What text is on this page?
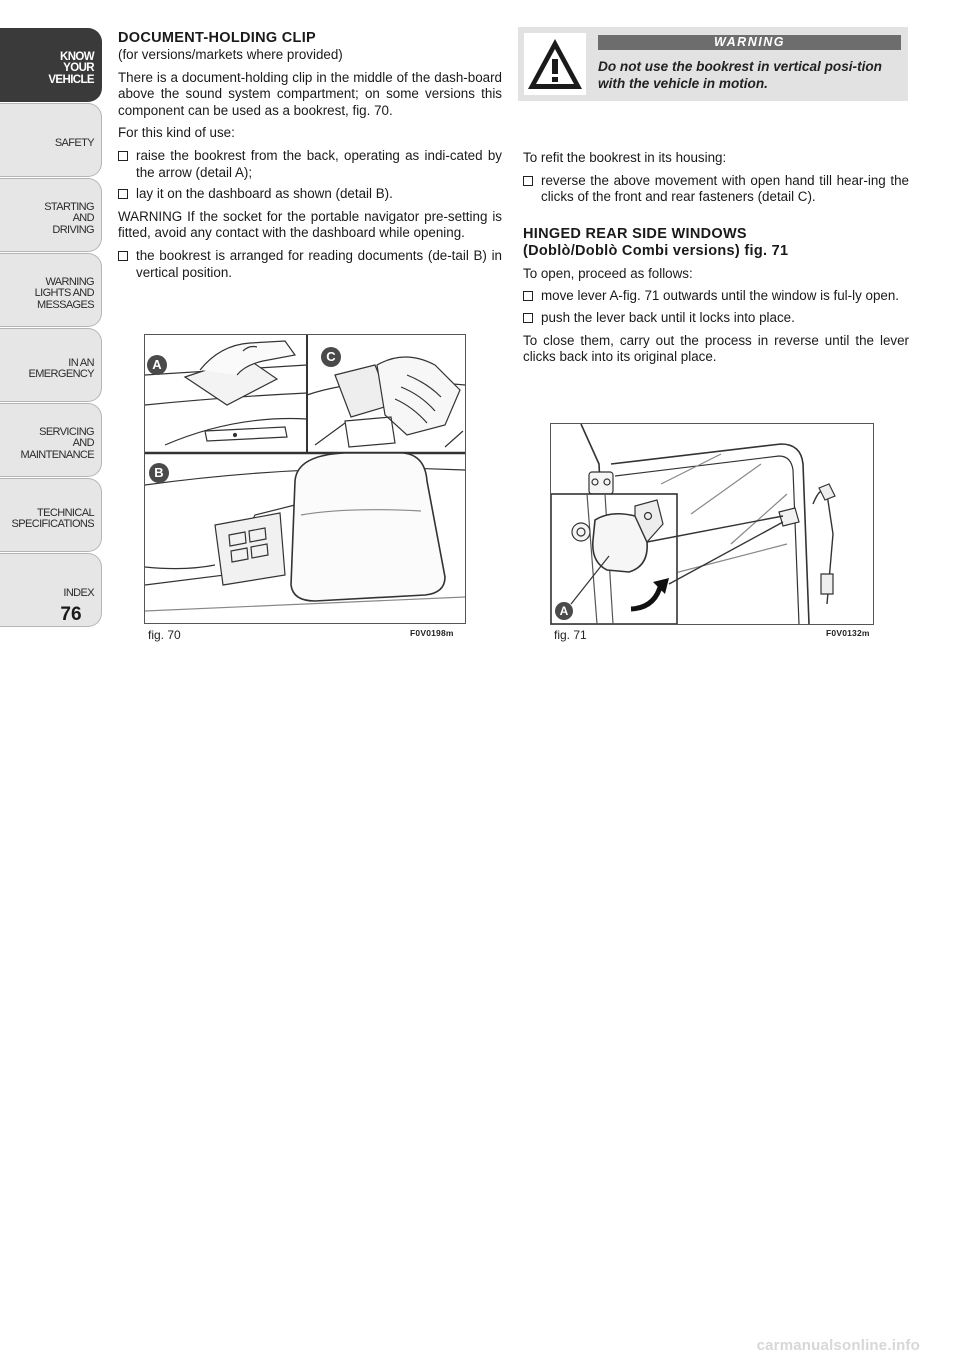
KNOW
YOUR
VEHICLE
SAFETY
STARTING
AND
DRIVING
WARNING
LIGHTS AND
MESSAGES
IN AN
EMERGENCY
SERVICING
AND
MAINTENANCE
TECHNICAL
SPECIFICATIONS
INDEX
76
DOCUMENT-HOLDING CLIP
(for versions/markets where provided)

There is a document-holding clip in the middle of the dash-board above the sound system compartment; on some versions this component can be used as a bookrest, fig. 70.

For this kind of use:

raise the bookrest from the back, operating as indi-cated by the arrow (detail A);
lay it on the dashboard as shown (detail B).

WARNING If the socket for the portable navigator pre-setting is fitted, avoid any contact with the dashboard while opening.

the bookrest is arranged for reading documents (de-tail B) in vertical position.
WARNING
Do not use the bookrest in vertical posi-tion with the vehicle in motion.

To refit the bookrest in its housing:

reverse the above movement with open hand till hear-ing the clicks of the front and rear fasteners (detail C).
HINGED REAR SIDE WINDOWS
(Doblò/Doblò Combi versions) fig. 71

To open, proceed as follows:

move lever A-fig. 71 outwards until the window is ful-ly open.
push the lever back until it locks into place.

To close them, carry out the process in reverse until the lever clicks back into its original place.

A
C
B
fig. 70	F0V0198m
A
fig. 71	F0V0132m
carmanualsonline.info
